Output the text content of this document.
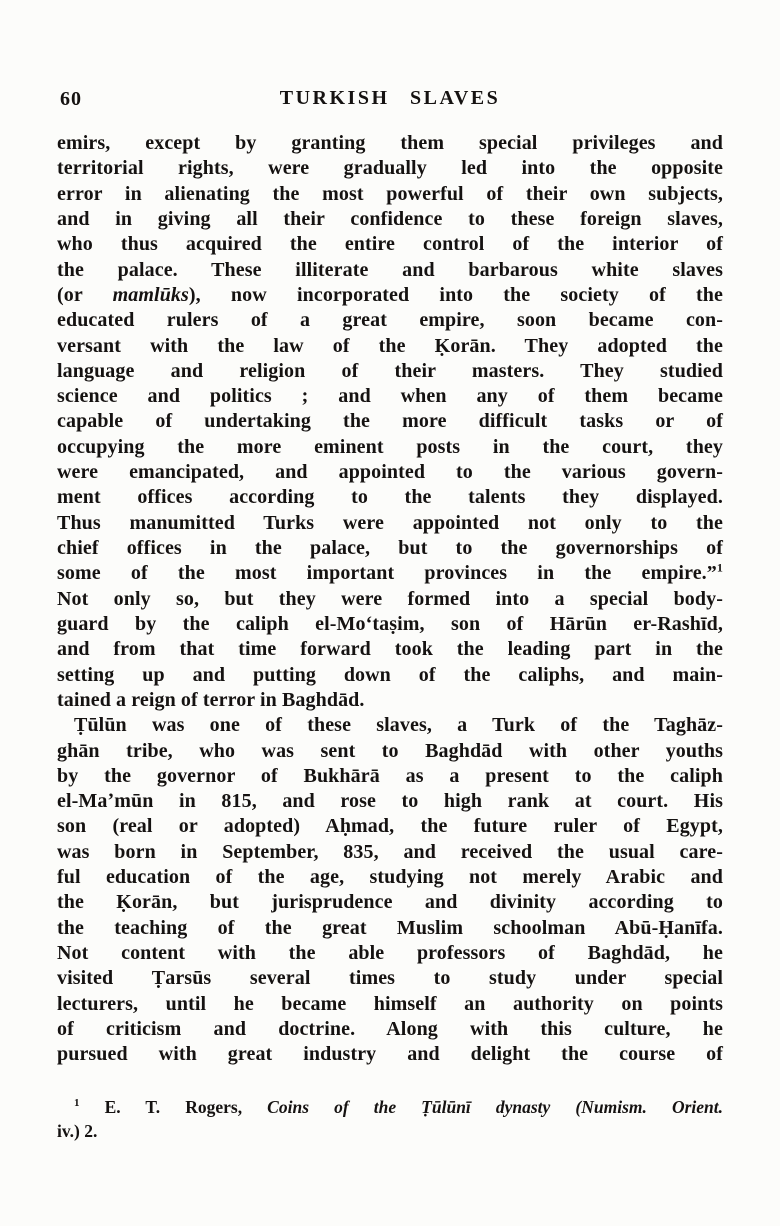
60	TURKISH SLAVES
emirs, except by granting them special privileges and
territorial rights, were gradually led into the opposite
error in alienating the most powerful of their own subjects,
and in giving all their confidence to these foreign slaves,
who thus acquired the entire control of the interior of
the palace. These illiterate and barbarous white slaves
(or mamlūks), now incorporated into the society of the
educated rulers of a great empire, soon became con-
versant with the law of the Ḳorān. They adopted the
language and religion of their masters. They studied
science and politics ; and when any of them became
capable of undertaking the more difficult tasks or of
occupying the more eminent posts in the court, they
were emancipated, and appointed to the various govern-
ment offices according to the talents they displayed.
Thus manumitted Turks were appointed not only to the
chief offices in the palace, but to the governorships of
some of the most important provinces in the empire.”$^1$
Not only so, but they were formed into a special body-
guard by the caliph el-Moʻtaṣim, son of Hārūn er-Rashīd,
and from that time forward took the leading part in the
setting up and putting down of the caliphs, and main-
tained a reign of terror in Baghdād.
Ṭūlūn was one of these slaves, a Turk of the Taghāz-
ghān tribe, who was sent to Baghdād with other youths
by the governor of Bukhārā as a present to the caliph
el-Maʼmūn in 815, and rose to high rank at court. His
son (real or adopted) Aḥmad, the future ruler of Egypt,
was born in September, 835, and received the usual care-
ful education of the age, studying not merely Arabic and
the Ḳorān, but jurisprudence and divinity according to
the teaching of the great Muslim schoolman Abū-Ḥanīfa.
Not content with the able professors of Baghdād, he
visited Ṭarsūs several times to study under special
lecturers, until he became himself an authority on points
of criticism and doctrine. Along with this culture, he
pursued with great industry and delight the course of
$^1$ E. T. Rogers, Coins of the Ṭūlūnī dynasty (Numism. Orient.
iv.) 2.
